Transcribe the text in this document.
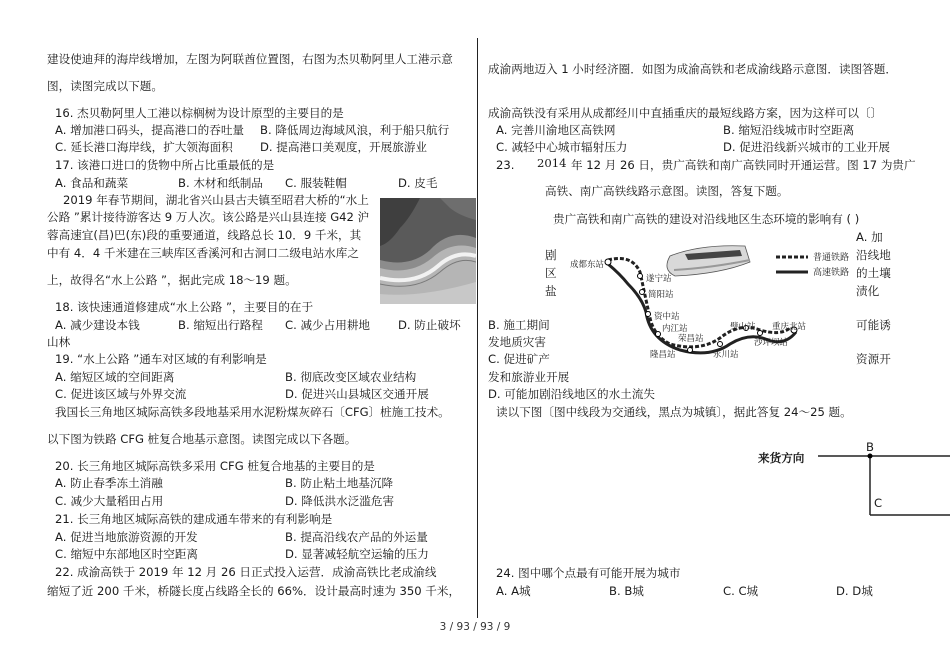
建设使迪拜的海岸线增加，左图为阿联酋位置图，右图为杰贝勒阿里人工港示意
图，读图完成以下题。
16. 杰贝勒阿里人工港以棕榈树为设计原型的主要目的是
A. 增加港口码头，提高港口的吞吐量 B. 降低周边海域风浪，利于船只航行
C. 延长港口海岸线，扩大领海面积 D. 提高港口美观度，开展旅游业
17. 该港口进口的货物中所占比重最低的是
A. 食品和蔬菜	B. 木材和纸制品 C. 服装鞋帽	D. 皮毛
2019 年春节期间，湖北省兴山县古夫镇至昭君大桥的“水上
公路 ”累计接待游客达 9 万人次。该公路是兴山县连接 G42 沪
蓉高速宜(昌)巴(东)段的重要通道，线路总长 10．9 千米，其
中有 4．4 千米建在三峡库区香溪河和古洞口二级电站水库之
上，故得名“水上公路 ”，据此完成 18～19 题。
18. 该快速通道修建成“水上公路 ”，主要目的在于
A. 减少建设本钱	B. 缩短出行路程 C. 减少占用耕地 D. 防止破坏
山林
19. “水上公路 ”通车对区域的有利影响是
A. 缩短区域的空间距离	B. 彻底改变区域农业结构
C. 促进该区域与外界交流	D. 促进兴山县城区交通开展
我国长三角地区城际高铁多段地基采用水泥粉煤灰碎石〔CFG〕桩施工技术。
以下图为铁路 CFG 桩复合地基示意图。读图完成以下各题。
20. 长三角地区城际高铁多采用 CFG 桩复合地基的主要目的是
A. 防止春季冻土消融	B. 防止粘土地基沉降
C. 减少大量稻田占用	D. 降低洪水泛滥危害
21. 长三角地区城际高铁的建成通车带来的有利影响是
A. 促进当地旅游资源的开发	B. 提高沿线农产品的外运量
C. 缩短中东部地区时空距离	D. 显著减轻航空运输的压力
22. 成渝高铁于 2019 年 12 月 26 日正式投入运营．成渝高铁比老成渝线
缩短了近 200 千米，桥隧长度占线路全长的 66%．设计最高时速为 350 千米，
成渝两地迈入 1 小时经济圈．如图为成渝高铁和老成渝线路示意图．读图答题．
成渝高铁没有采用从成都经川中直插重庆的最短线路方案，因为这样可以〔〕
A. 完善川渝地区高铁网	B. 缩短沿线城市时空距离
C. 减轻中心城市辐射压力	D. 促进沿线新兴城市的工业开展
23. 2014 年 12 月 26 日，贵广高铁和南广高铁同时开通运营。图 17 为贵广
高铁、南广高铁线路示意图。读图，答复下题。
贵广高铁和南广高铁的建设对沿线地区生态环境的影响有 ( )
剧
区
盐
A. 加
沿线地
的土壤
渍化
B. 施工期间
发地质灾害
可能诱
C. 促进矿产	资源开
发和旅游业开展
D. 可能加剧沿线地区的水土流失
读以下图〔图中线段为交通线，黑点为城镇〕，据此答复 24～25 题。
普通铁路
高速铁路
成都东站
遂宁站
简阳站
资中站
内江站
隆昌站
荣昌站
永川站
璧山站 重庆北站
沙坪坝站
来货方向
B
C
24. 图中哪个点最有可能开展为城市
A. A城	B. B城	C. C城	D. D城
3 / 93 / 93 / 9
